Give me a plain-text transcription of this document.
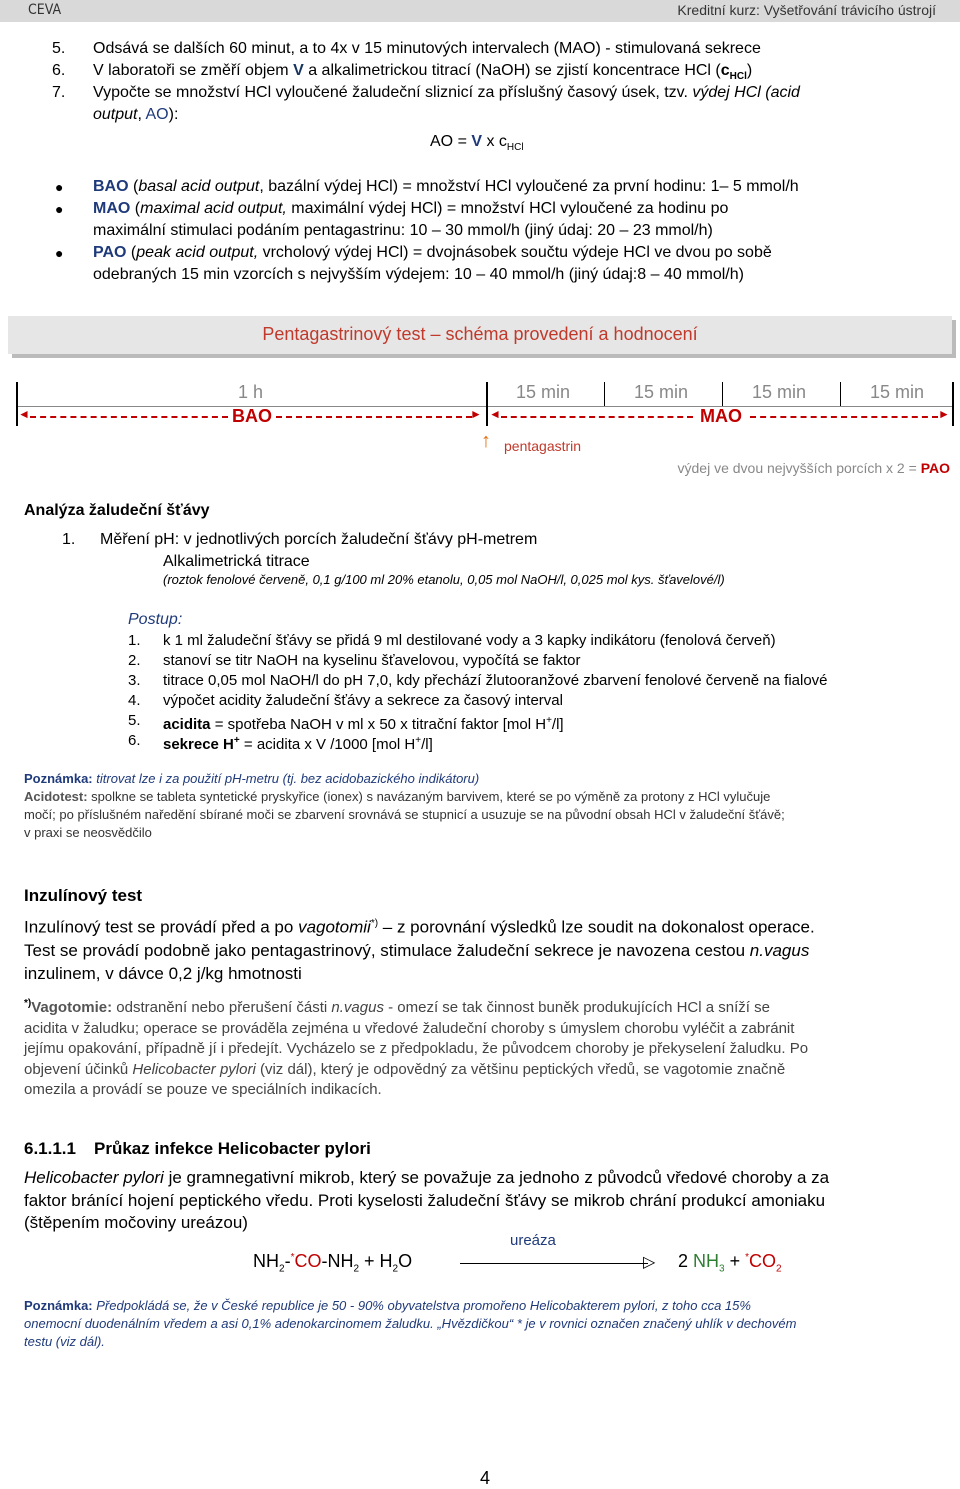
CEVA	Kreditní kurz: Vyšetřování trávicího ústrojí
5. Odsává se dalších 60 minut, a to 4x v 15 minutových intervalech (MAO) - stimulovaná sekrece
6. V laboratoři se změří objem V a alkalimetrickou titrací (NaOH) se zjistí koncentrace HCl $(c_{HCl})$
7. Vypočte se množství HCl vyloučené žaludeční sliznicí za příslušný časový úsek, tzv. výdej HCl (acid
output, AO):
AO = V x $c_{HCl}$
● BAO (basal acid output, bazální výdej HCl) = množství HCl vyloučené za první hodinu: 1– 5 mmol/h
● MAO (maximal acid output, maximální výdej HCl) = množství HCl vyloučené za hodinu po
maximální stimulaci podáním pentagastrinu: 10 – 30 mmol/h (jiný údaj: 20 – 23 mmol/h)
● PAO (peak acid output, vrcholový výdej HCl) = dvojnásobek součtu výdeje HCl ve dvou po sobě
odebraných 15 min vzorcích s nejvyšším výdejem: 10 – 40 mmol/h (jiný údaj:8 – 40 mmol/h)
Pentagastrinový test – schéma provedení a hodnocení
1 h	15 min	15 min	15 min	15 min
◄	BAO	► ◄	MAO	►
↑ pentagastrin
výdej ve dvou nejvyšších porcích x 2 = PAO
Analýza žaludeční šťávy
1. Měření pH: v jednotlivých porcích žaludeční šťávy pH-metrem
Alkalimetrická titrace
(roztok fenolové červeně, 0,1 g/100 ml 20% etanolu, 0,05 mol NaOH/l, 0,025 mol kys. šťavelové/l)
Postup:
1. k 1 ml žaludeční šťávy se přidá 9 ml destilované vody a 3 kapky indikátoru (fenolová červeň)
2. stanoví se titr NaOH na kyselinu šťavelovou, vypočítá se faktor
3. titrace 0,05 mol NaOH/l do pH 7,0, kdy přechází žlutooranžové zbarvení fenolové červeně na fialové
4. výpočet acidity žaludeční šťávy a sekrece za časový interval
5. acidita = spotřeba NaOH v ml x 50 x titrační faktor [mol H+/l]
6. sekrece H+ = acidita x V /1000 [mol H+/l]
Poznámka: titrovat lze i za použití pH-metru (tj. bez acidobazického indikátoru)
Acidotest: spolkne se tableta syntetické pryskyřice (ionex) s navázaným barvivem, které se po výměně za protony z HCl vylučuje
močí; po příslušném naředění sbírané moči se zbarvení srovnává se stupnicí a usuzuje se na původní obsah HCl v žaludeční šťávě;
v praxi se neosvědčilo
Inzulínový test
Inzulínový test se provádí před a po vagotomii*) – z porovnání výsledků lze soudit na dokonalost operace.
Test se provádí podobně jako pentagastrinový, stimulace žaludeční sekrece je navozena cestou n.vagus
inzulinem, v dávce 0,2 j/kg hmotnosti
*)Vagotomie: odstranění nebo přerušení části n.vagus - omezí se tak činnost buněk produkujících HCl a sníží se
acidita v žaludku; operace se prováděla zejména u vředové žaludeční choroby s úmyslem chorobu vyléčit a zabránit
jejímu opakování, případně jí i předejít. Vycházelo se z předpokladu, že původcem choroby je překyselení žaludku. Po
objevení účinků Helicobacter pylori (viz dál), který je odpovědný za většinu peptických vředů, se vagotomie značně
omezila a provádí se pouze ve speciálních indikacích.
6.1.1.1 Průkaz infekce Helicobacter pylori
Helicobacter pylori je gramnegativní mikrob, který se považuje za jednoho z původců vředové choroby a za
faktor bránící hojení peptického vředu. Proti kyselosti žaludeční šťávy se mikrob chrání produkcí amoniaku
(štěpením močoviny ureázou)
ureáza
$NH_2-^*CO-NH_2 + H_2O$	▷ 2 $NH_3 + ^*CO_2$
Poznámka: Předpokládá se, že v České republice je 50 - 90% obyvatelstva promořeno Helicobakterem pylori, z toho cca 15%
onemocní duodenálním vředem a asi 0,1% adenokarcinomem žaludku. „Hvězdičkou“ * je v rovnici označen značený uhlík v dechovém
testu (viz dál).
4
